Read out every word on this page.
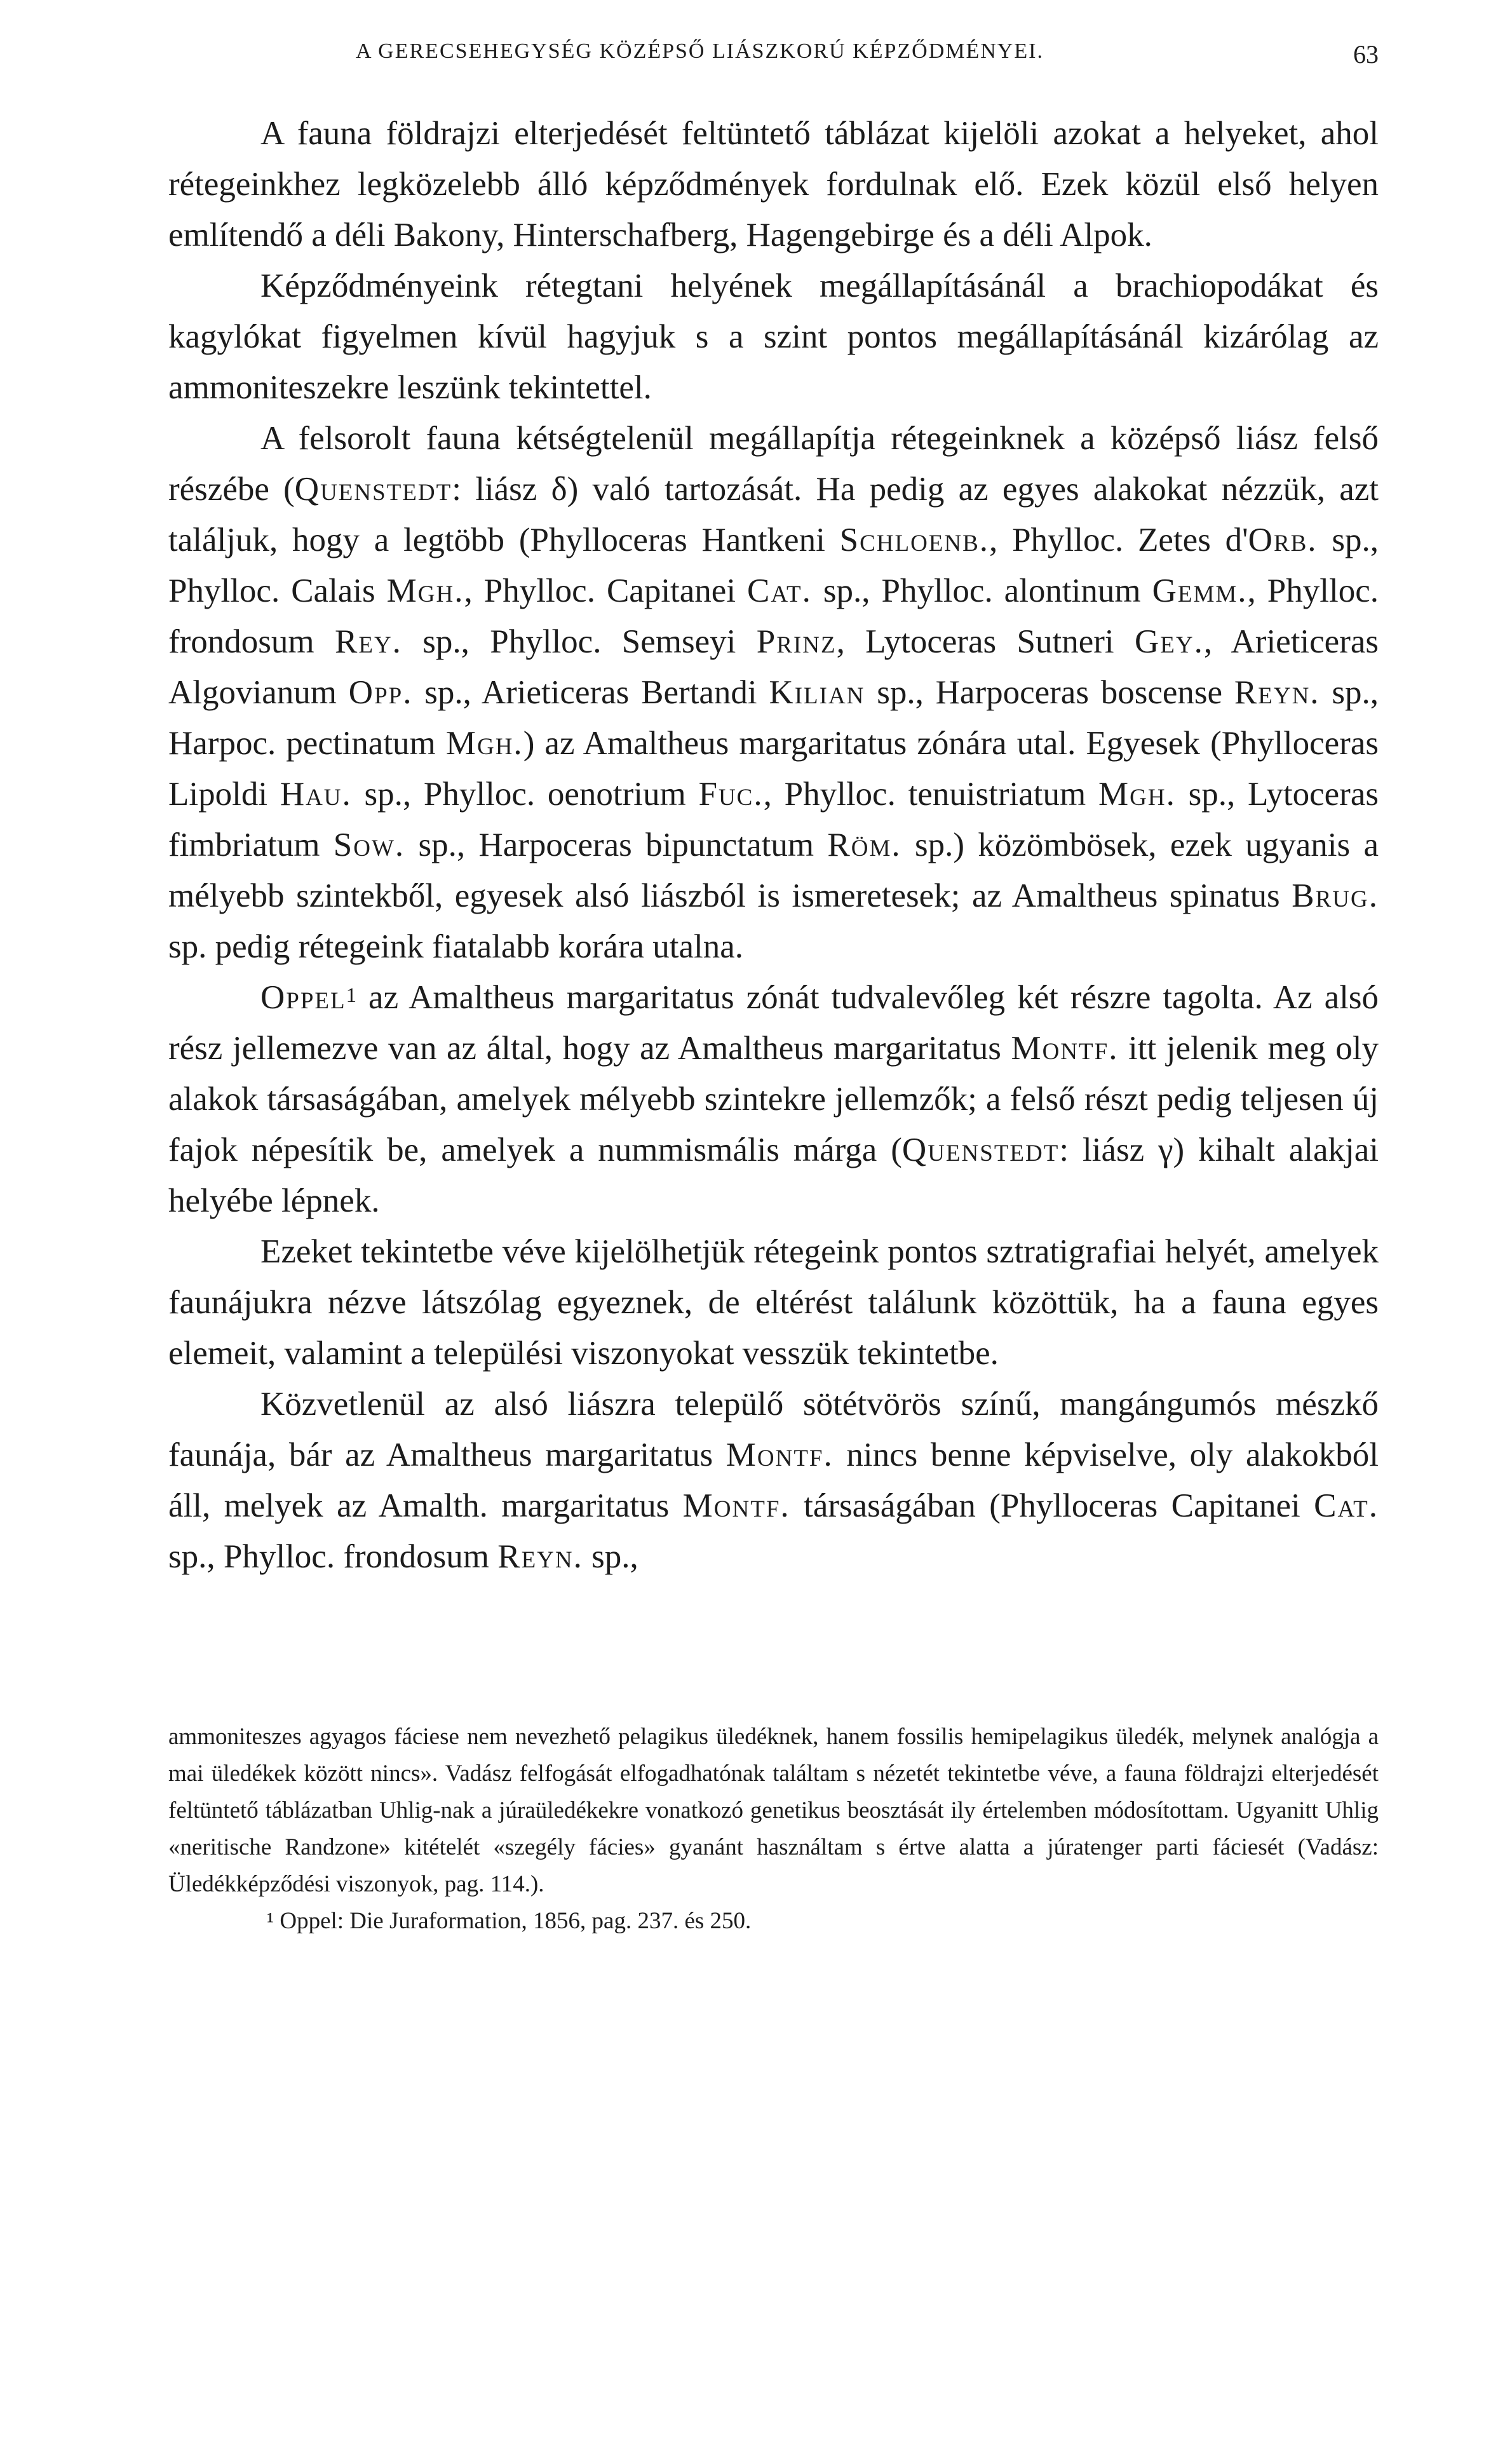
A GERECSEHEGYSÉG KÖZÉPSŐ LIÁSZKORÚ KÉPZŐDMÉNYEI.	63

A fauna földrajzi elterjedését feltüntető táblázat kijelöli azokat a helyeket, ahol rétegeinkhez legközelebb álló képződmények fordulnak elő. Ezek közül első helyen említendő a déli Bakony, Hinterschafberg, Hagengebirge és a déli Alpok.

Képződményeink rétegtani helyének megállapításánál a brachiopodákat és kagylókat figyelmen kívül hagyjuk s a szint pontos megállapításánál kizárólag az ammoniteszekre leszünk tekintettel.

A felsorolt fauna kétségtelenül megállapítja rétegeinknek a középső liász felső részébe (Quenstedt: liász δ) való tartozását. Ha pedig az egyes alakokat nézzük, azt találjuk, hogy a legtöbb (Phylloceras Hantkeni Schloenb., Phylloc. Zetes d'Orb. sp., Phylloc. Calais Mgh., Phylloc. Capitanei Cat. sp., Phylloc. alontinum Gemm., Phylloc. frondosum Rey. sp., Phylloc. Semseyi Prinz, Lytoceras Sutneri Gey., Arieticeras Algovianum Opp. sp., Arieticeras Bertandi Kilian sp., Harpoceras boscense Reyn. sp., Harpoc. pectinatum Mgh.) az Amaltheus margaritatus zónára utal. Egyesek (Phylloceras Lipoldi Hau. sp., Phylloc. oenotrium Fuc., Phylloc. tenuistriatum Mgh. sp., Lytoceras fimbriatum Sow. sp., Harpoceras bipunctatum Röm. sp.) közömbösek, ezek ugyanis a mélyebb szintekből, egyesek alsó liászból is ismeretesek; az Amaltheus spinatus Brug. sp. pedig rétegeink fiatalabb korára utalna.

Oppel$^1$ az Amaltheus margaritatus zónát tudvalevőleg két részre tagolta. Az alsó rész jellemezve van az által, hogy az Amaltheus margaritatus Montf. itt jelenik meg oly alakok társaságában, amelyek mélyebb szintekre jellemzők; a felső részt pedig teljesen új fajok népesítik be, amelyek a nummismális márga (Quenstedt: liász γ) kihalt alakjai helyébe lépnek.

Ezeket tekintetbe véve kijelölhetjük rétegeink pontos sztratigrafiai helyét, amelyek faunájukra nézve látszólag egyeznek, de eltérést találunk közöttük, ha a fauna egyes elemeit, valamint a települési viszonyokat vesszük tekintetbe.

Közvetlenül az alsó liászra települő sötétvörös színű, mangángumós mészkő faunája, bár az Amaltheus margaritatus Montf. nincs benne képviselve, oly alakokból áll, melyek az Amalth. margaritatus Montf. társaságában (Phylloceras Capitanei Cat. sp., Phylloc. frondosum Reyn. sp.,

ammoniteszes agyagos fáciese nem nevezhető pelagikus üledéknek, hanem fossilis hemipelagikus üledék, melynek analógja a mai üledékek között nincs». Vadász felfogását elfogadhatónak találtam s nézetét tekintetbe véve, a fauna földrajzi elterjedését feltüntető táblázatban Uhlig-nak a júraüledékekre vonatkozó genetikus beosztását ily értelemben módosítottam. Ugyanitt Uhlig «neritische Randzone» kitételét «szegély fácies» gyanánt használtam s értve alatta a júratenger parti fáciesét (Vadász: Üledékképződési viszonyok, pag. 114.).

¹ Oppel: Die Juraformation, 1856, pag. 237. és 250.
